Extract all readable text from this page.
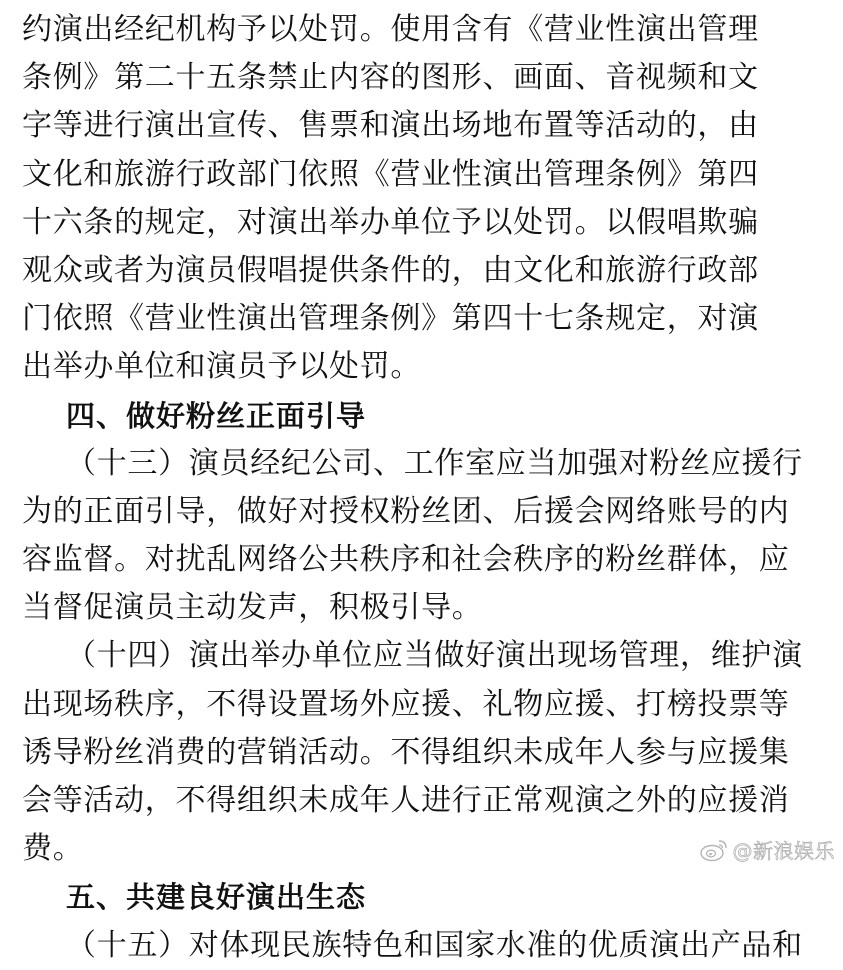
约演出经纪机构予以处罚。使用含有《营业性演出管理
条例》第二十五条禁止内容的图形、画面、音视频和文
字等进行演出宣传、售票和演出场地布置等活动的，由
文化和旅游行政部门依照《营业性演出管理条例》第四
十六条的规定，对演出举办单位予以处罚。以假唱欺骗
观众或者为演员假唱提供条件的，由文化和旅游行政部
门依照《营业性演出管理条例》第四十七条规定，对演
出举办单位和演员予以处罚。
四、做好粉丝正面引导
（十三）演员经纪公司、工作室应当加强对粉丝应援行
为的正面引导，做好对授权粉丝团、后援会网络账号的内
容监督。对扰乱网络公共秩序和社会秩序的粉丝群体，应
当督促演员主动发声，积极引导。
（十四）演出举办单位应当做好演出现场管理，维护演
出现场秩序，不得设置场外应援、礼物应援、打榜投票等
诱导粉丝消费的营销活动。不得组织未成年人参与应援集
会等活动，不得组织未成年人进行正常观演之外的应援消
费。
五、共建良好演出生态
（十五）对体现民族特色和国家水准的优质演出产品和
@新浪娱乐
